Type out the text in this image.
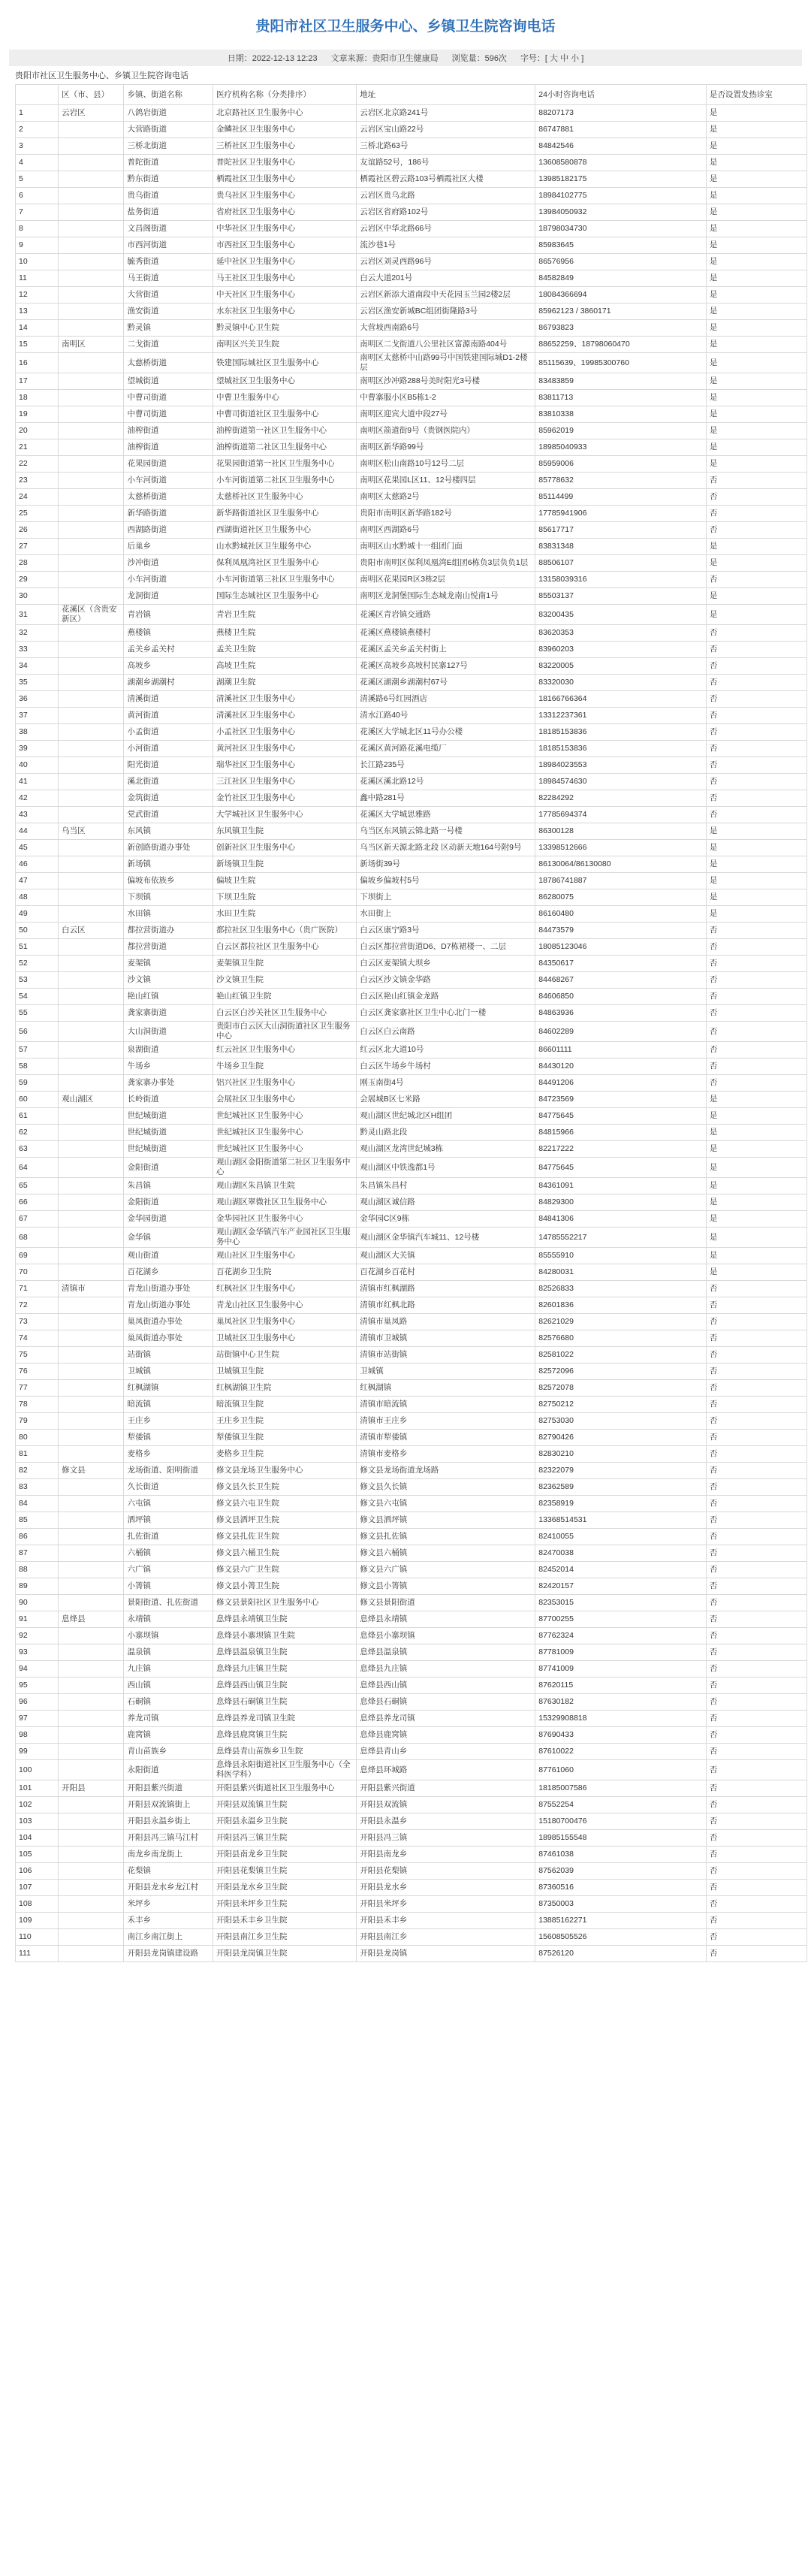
贵阳市社区卫生服务中心、乡镇卫生院咨询电话
日期：2022-12-13 12:23 文章来源：贵阳市卫生健康局 浏览量：596次 字号：[ 大 中 小 ]
贵阳市社区卫生服务中心、乡镇卫生院咨询电话
	区（市、县）	乡镇、街道名称	医疗机构名称（分类排序）	地址	24小时咨询电话	是否设置发热诊室
1	云岩区	八鸽岩街道	北京路社区卫生服务中心	云岩区北京路241号	88207173	是
2		大营路街道	金鳞社区卫生服务中心	云岩区宝山路22号	86747881	是
3		三桥北街道	三桥社区卫生服务中心	三桥北路63号	84842546	是
4		普陀街道	普陀社区卫生服务中心	友谊路52号，186号	13608580878	是
5		黔东街道	栖霞社区卫生服务中心	栖霞社区碧云路103号栖霞社区大楼	13985182175	是
6		贵乌街道	贵乌社区卫生服务中心	云岩区贵乌北路	18984102775	是
7		盐务街道	省府社区卫生服务中心	云岩区省府路102号	13984050932	是
8		文昌阁街道	中华社区卫生服务中心	云岩区中华北路66号	18798034730	是
9		市西河街道	市西社区卫生服务中心	流沙巷1号	85983645	是
10		毓秀街道	延中社区卫生服务中心	云岩区刘灵西路96号	86576956	是
11		马王街道	马王社区卫生服务中心	白云大道201号	84582849	是
12		大营街道	中天社区卫生服务中心	云岩区新添大道南段中天花园玉兰园2楼2层	18084366694	是
13		渔安街道	水东社区卫生服务中心	云岩区渔安新城BC组团街隆路3号	85962123 / 3860171	是
14		黔灵镇	黔灵镇中心卫生院	大营坡西南路6号	86793823	是
15	南明区	二戈街道	南明区兴关卫生院	南明区二戈街道八公里社区富源南路404号	88652259、18798060470	是
16		太慈桥街道	铁建国际城社区卫生服务中心	南明区太慈桥中山路99号中国铁建国际城D1-2楼层	85115639、19985300760	是
17		望城街道	望城社区卫生服务中心	南明区沙冲路288号美时阳光3号楼	83483859	是
18		中曹司街道	中曹卫生服务中心	中曹寨服小区B5栋1-2	83811713	是
19		中曹司街道	中曹司街道社区卫生服务中心	南明区迎宾大道中段27号	83810338	是
20		油榨街道	油榨街道第一社区卫生服务中心	南明区箭道街9号（贵钢医院内）	85962019	是
21		油榨街道	油榨街道第二社区卫生服务中心	南明区新华路99号	18985040933	是
22		花果园街道	花果园街道第一社区卫生服务中心	南明区松山南路10号12号二层	85959006	是
23		小车河街道	小车河街道第二社区卫生服务中心	南明区花果园L区11、12号楼四层	85778632	否
24		太慈桥街道	太慈桥社区卫生服务中心	南明区太慈路2号	85114499	否
25		新华路街道	新华路街道社区卫生服务中心	贵阳市南明区新华路182号	17785941906	否
26		西湖路街道	西湖街道社区卫生服务中心	南明区西湖路6号	85617717	否
27		后巢乡	山水黔城社区卫生服务中心	南明区山水黔城十一组团门面	83831348	是
28		沙冲街道	保利凤凰湾社区卫生服务中心	贵阳市南明区保利凤凰湾E组团6栋负3层负负1层	88506107	是
29		小车河街道	小车河街道第三社区卫生服务中心	南明区花果园R区3栋2层	13158039316	否
30		龙洞街道	国际生态城社区卫生服务中心	南明区龙洞堡国际生态城龙南山悦南1号	85503137	是
31	花溪区（含贵安新区）	青岩镇	青岩卫生院	花溪区青岩镇交通路	83200435	是
32		燕楼镇	燕楼卫生院	花溪区燕楼镇燕楼村	83620353	否
33		孟关乡孟关村	孟关卫生院	花溪区孟关乡孟关村街上	83960203	否
34		高坡乡	高坡卫生院	花溪区高坡乡高坡村民寨127号	83220005	否
35		湖潮乡湖潮村	湖潮卫生院	花溪区湖潮乡湖潮村67号	83320030	否
36		清溪街道	清溪社区卫生服务中心	清溪路6号红园酒店	18166766364	否
37		黄河街道	清溪社区卫生服务中心	清水江路40号	13312237361	否
38		小孟街道	小孟社区卫生服务中心	花溪区大学城北区11号办公楼	18185153836	否
39		小河街道	黄河社区卫生服务中心	花溪区黄河路花溪电缆厂	18185153836	否
40		阳光街道	瑞华社区卫生服务中心	长江路235号	18984023553	否
41		溪北街道	三江社区卫生服务中心	花溪区溪北路12号	18984574630	否
42		金筑街道	金竹社区卫生服务中心	鑫中路281号	82284292	否
43		党武街道	大学城社区卫生服务中心	花溪区大学城思雅路	17785694374	否
44	乌当区	东风镇	东风镇卫生院	乌当区东风镇云锦北路一号楼	86300128	是
45		新创路街道办事处	创新社区卫生服务中心	乌当区新天源北路北段 区动新天地164号附9号	13398512666	是
46		新场镇	新场镇卫生院	新场街39号	86130064/86130080	是
47		偏坡布依族乡	偏坡卫生院	偏坡乡偏坡村5号	18786741887	是
48		下坝镇	下坝卫生院	下坝街上	86280075	是
49		水田镇	水田卫生院	水田街上	86160480	是
50	白云区	都拉营街道办	都拉社区卫生服务中心（贵广医院）	白云区康宁路3号	84473579	否
51		都拉营街道	白云区都拉社区卫生服务中心	白云区都拉营街道D6、D7栋裙楼一、二层	18085123046	否
52		麦架镇	麦架镇卫生院	白云区麦架镇大坝乡	84350617	否
53		沙文镇	沙文镇卫生院	白云区沙文镇金华路	84468267	否
54		艳山红镇	艳山红镇卫生院	白云区艳山红镇金龙路	84606850	否
55		龚家寨街道	白云区白沙关社区卫生服务中心	白云区龚家寨社区卫生中心北门一楼	84863936	否
56		大山洞街道	贵阳市白云区大山洞街道社区卫生服务中心	白云区白云南路	84602289	否
57		泉湖街道	红云社区卫生服务中心	红云区北大道10号	86601111	否
58		牛场乡	牛场乡卫生院	白云区牛场乡牛场村	84430120	否
59		龚家寨办事处	铝兴社区卫生服务中心	刚玉南街4号	84491206	否
60	观山湖区	长岭街道	会展社区卫生服务中心	会展城B区七米路	84723569	是
61		世纪城街道	世纪城社区卫生服务中心	观山湖区世纪城北区H组团	84775645	是
62		世纪城街道	世纪城社区卫生服务中心	黔灵山路北段	84815966	是
63		世纪城街道	世纪城社区卫生服务中心	观山湖区龙湾世纪城3栋	82217222	是
64		金阳街道	观山湖区金阳街道第二社区卫生服务中心	观山湖区中铁逸都1号	84775645	是
65		朱昌镇	观山湖区朱昌镇卫生院	朱昌镇朱昌村	84361091	是
66		金阳街道	观山湖区翠微社区卫生服务中心	观山湖区诚信路	84829300	是
67		金华园街道	金华园社区卫生服务中心	金华园C区9栋	84841306	是
68		金华镇	观山湖区金华镇汽车产业园社区卫生服务中心	观山湖区金华镇汽车城11、12号楼	14785552217	是
69		观山街道	观山社区卫生服务中心	观山湖区大关镇	85555910	是
70		百花湖乡	百花湖乡卫生院	百花湖乡百花村	84280031	是
71	清镇市	青龙山街道办事处	红枫社区卫生服务中心	清镇市红枫湖路	82526833	否
72		青龙山街道办事处	青龙山社区卫生服务中心	清镇市红枫北路	82601836	否
73		巢凤街道办事处	巢凤社区卫生服务中心	清镇市巢凤路	82621029	否
74		巢凤街道办事处	卫城社区卫生服务中心	清镇市卫城镇	82576680	否
75		站街镇	站街镇中心卫生院	清镇市站街镇	82581022	否
76		卫城镇	卫城镇卫生院	卫城镇	82572096	否
77		红枫湖镇	红枫湖镇卫生院	红枫湖镇	82572078	否
78		暗流镇	暗流镇卫生院	清镇市暗流镇	82750212	否
79		王庄乡	王庄乡卫生院	清镇市王庄乡	82753030	否
80		犁倭镇	犁倭镇卫生院	清镇市犁倭镇	82790426	否
81		麦格乡	麦格乡卫生院	清镇市麦格乡	82830210	否
82	修文县	龙场街道、阳明街道	修文县龙场卫生服务中心	修文县龙场街道龙场路	82322079	否
83		久长街道	修文县久长卫生院	修文县久长镇	82362589	否
84		六屯镇	修文县六屯卫生院	修文县六屯镇	82358919	否
85		洒坪镇	修文县洒坪卫生院	修文县洒坪镇	13368514531	否
86		扎佐街道	修文县扎佐卫生院	修文县扎佐镇	82410055	否
87		六桶镇	修文县六桶卫生院	修文县六桶镇	82470038	否
88		六广镇	修文县六广卫生院	修文县六广镇	82452014	否
89		小箐镇	修文县小箐卫生院	修文县小箐镇	82420157	否
90		景阳街道、扎佐街道	修文县景阳社区卫生服务中心	修文县景阳街道	82353015	否
91	息烽县	永靖镇	息烽县永靖镇卫生院	息烽县永靖镇	87700255	否
92		小寨坝镇	息烽县小寨坝镇卫生院	息烽县小寨坝镇	87762324	否
93		温泉镇	息烽县温泉镇卫生院	息烽县温泉镇	87781009	否
94		九庄镇	息烽县九庄镇卫生院	息烽县九庄镇	87741009	否
95		西山镇	息烽县西山镇卫生院	息烽县西山镇	87620115	否
96		石硐镇	息烽县石硐镇卫生院	息烽县石硐镇	87630182	否
97		养龙司镇	息烽县养龙司镇卫生院	息烽县养龙司镇	15329908818	否
98		鹿窝镇	息烽县鹿窝镇卫生院	息烽县鹿窝镇	87690433	否
99		青山苗族乡	息烽县青山苗族乡卫生院	息烽县青山乡	87610022	否
100		永阳街道	息烽县永阳街道社区卫生服务中心（全科医学科）	息烽县环城路	87761060	否
101	开阳县	开阳县紫兴街道	开阳县紫兴街道社区卫生服务中心	开阳县紫兴街道	18185007586	否
102		开阳县双流镇街上	开阳县双流镇卫生院	开阳县双流镇	87552254	否
103		开阳县永温乡街上	开阳县永温乡卫生院	开阳县永温乡	15180700476	否
104		开阳县冯三镇马江村	开阳县冯三镇卫生院	开阳县冯三镇	18985155548	否
105		南龙乡南龙街上	开阳县南龙乡卫生院	开阳县南龙乡	87461038	否
106		花梨镇	开阳县花梨镇卫生院	开阳县花梨镇	87562039	否
107		开阳县龙水乡龙江村	开阳县龙水乡卫生院	开阳县龙水乡	87360516	否
108		米坪乡	开阳县米坪乡卫生院	开阳县米坪乡	87350003	否
109		禾丰乡	开阳县禾丰乡卫生院	开阳县禾丰乡	13885162271	否
110		南江乡南江街上	开阳县南江乡卫生院	开阳县南江乡	15608505526	否
111		开阳县龙岗镇建设路	开阳县龙岗镇卫生院	开阳县龙岗镇	87526120	否
